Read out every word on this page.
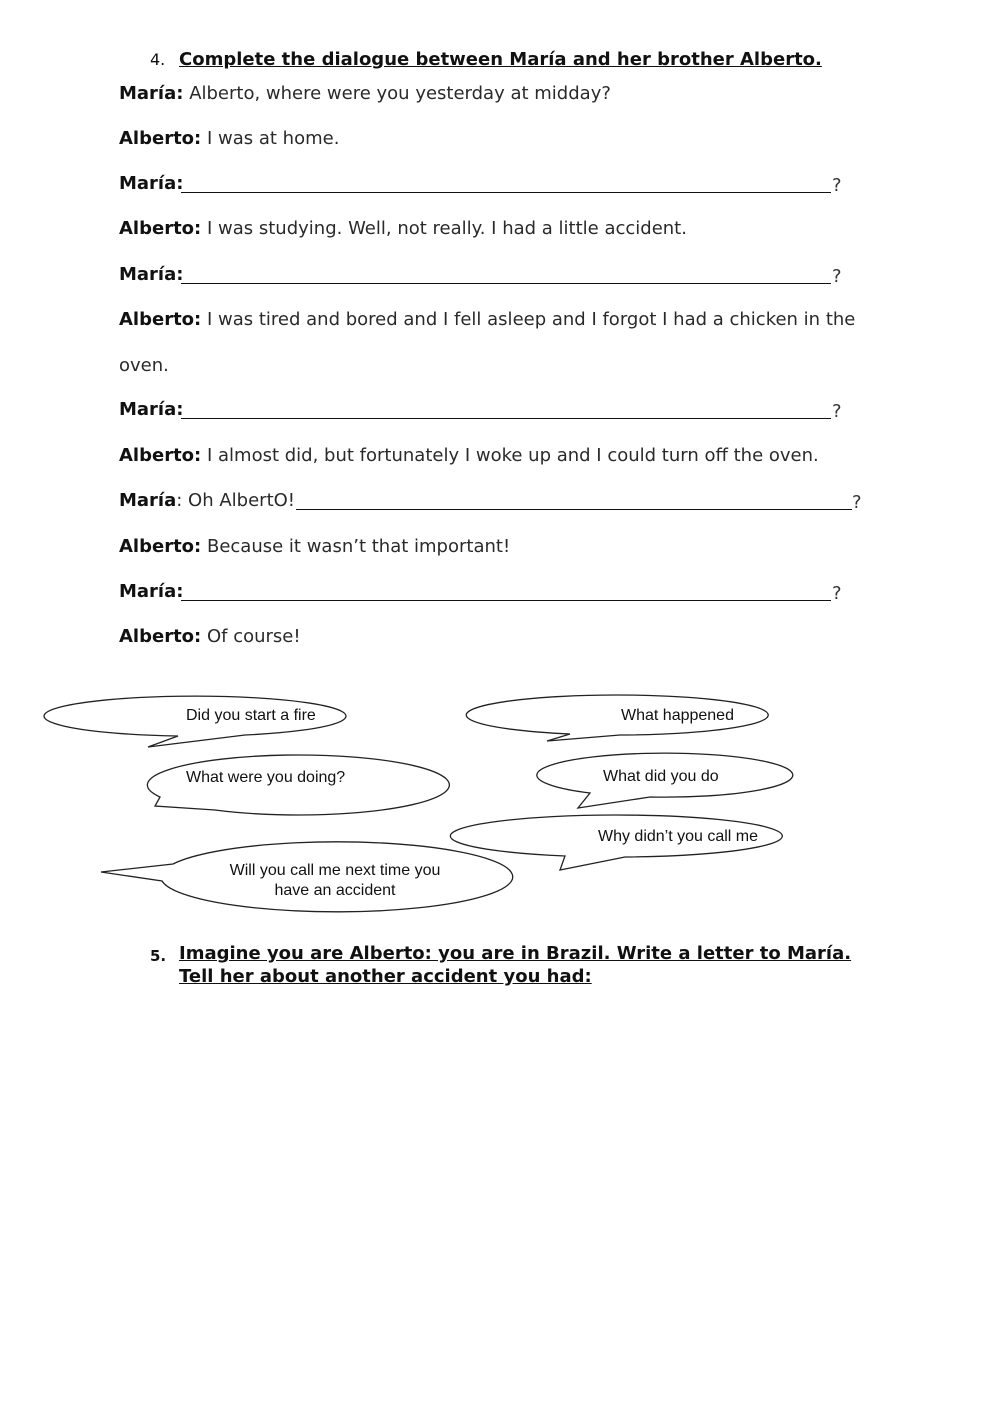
4. Complete the dialogue between María and her brother Alberto.
María: Alberto, where were you yesterday at midday?
Alberto: I was at home.
María:	?
Alberto: I was studying. Well, not really. I had a little accident.
María:	?
Alberto: I was tired and bored and I fell asleep and I forgot I had a chicken in the
oven.
María:	?
Alberto: I almost did, but fortunately I woke up and I could turn off the oven.
María: Oh AlbertO!	?
Alberto: Because it wasn’t that important!
María:	?
Alberto: Of course!
Did you start a fire	What happened
What were you doing?	What did you do
Why didn’t you call me
Will you call me next time you have an accident
5. Imagine you are Alberto: you are in Brazil. Write a letter to María. Tell her about another accident you had:
